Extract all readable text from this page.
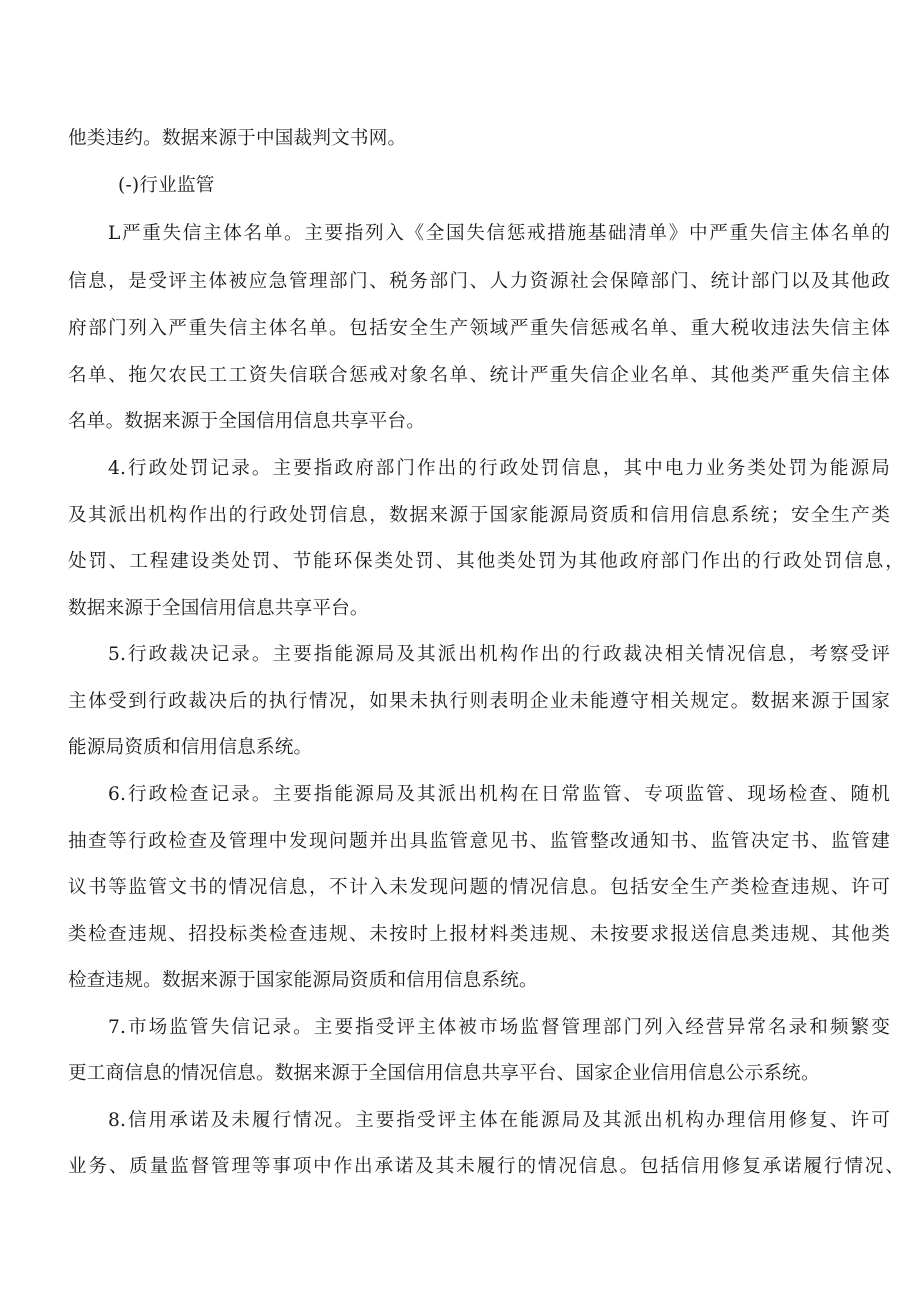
他类违约。数据来源于中国裁判文书网。
(-)行业监管
L严重失信主体名单。主要指列入《全国失信惩戒措施基础清单》中严重失信主体名单的
信息，是受评主体被应急管理部门、税务部门、人力资源社会保障部门、统计部门以及其他政
府部门列入严重失信主体名单。包括安全生产领域严重失信惩戒名单、重大税收违法失信主体
名单、拖欠农民工工资失信联合惩戒对象名单、统计严重失信企业名单、其他类严重失信主体
名单。数据来源于全国信用信息共享平台。
4.行政处罚记录。主要指政府部门作出的行政处罚信息，其中电力业务类处罚为能源局
及其派出机构作出的行政处罚信息，数据来源于国家能源局资质和信用信息系统；安全生产类
处罚、工程建设类处罚、节能环保类处罚、其他类处罚为其他政府部门作出的行政处罚信息，
数据来源于全国信用信息共享平台。
5.行政裁决记录。主要指能源局及其派出机构作出的行政裁决相关情况信息，考察受评
主体受到行政裁决后的执行情况，如果未执行则表明企业未能遵守相关规定。数据来源于国家
能源局资质和信用信息系统。
6.行政检查记录。主要指能源局及其派出机构在日常监管、专项监管、现场检查、随机
抽查等行政检查及管理中发现问题并出具监管意见书、监管整改通知书、监管决定书、监管建
议书等监管文书的情况信息，不计入未发现问题的情况信息。包括安全生产类检查违规、许可
类检查违规、招投标类检查违规、未按时上报材料类违规、未按要求报送信息类违规、其他类
检查违规。数据来源于国家能源局资质和信用信息系统。
7.市场监管失信记录。主要指受评主体被市场监督管理部门列入经营异常名录和频繁变
更工商信息的情况信息。数据来源于全国信用信息共享平台、国家企业信用信息公示系统。
8.信用承诺及未履行情况。主要指受评主体在能源局及其派出机构办理信用修复、许可
业务、质量监督管理等事项中作出承诺及其未履行的情况信息。包括信用修复承诺履行情况、
